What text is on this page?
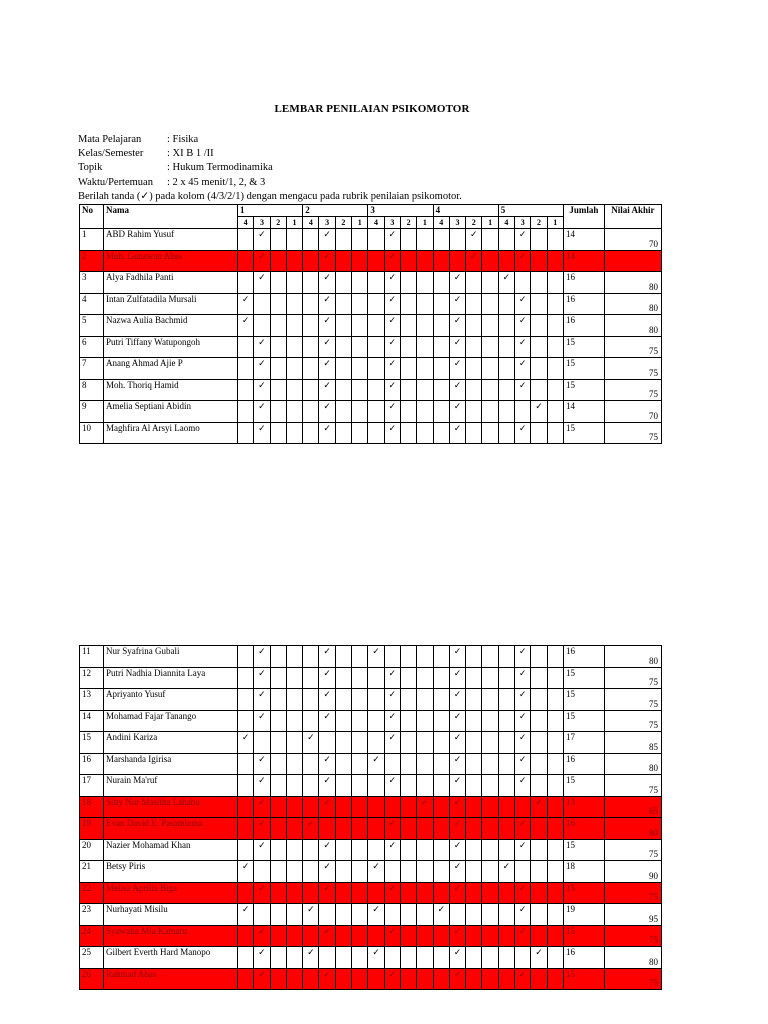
LEMBAR PENILAIAN PSIKOMOTOR
Mata Pelajaran : Fisika
Kelas/Semester : XI B 1 /II
Topik	: Hukum Termodinamika
Waktu/Pertemuan : 2 x 45 menit/1, 2, & 3
Berilah tanda (✓) pada kolom (4/3/2/1) dengan mengacu pada rubrik penilaian psikomotor.
No	Nama	1				2				3				4				5				Jumlah	Nilai Akhir
		4	3	2	1	4	3	2	1	4	3	2	1	4	3	2	1	4	3	2	1		
1	ABD Rahim Yusuf		✓				✓				✓					✓			✓			14	70
2	Moh. Gunawan Abas		✓				✓				✓					✓			✓			14	
3	Alya Fadhila Panti		✓				✓				✓				✓			✓				16	80
4	Intan Zulfatadila Mursali	✓					✓				✓				✓				✓			16	80
5	Nazwa Aulia Bachmid	✓					✓				✓				✓				✓			16	80
6	Putri Tiffany Watupongoh		✓				✓				✓				✓				✓			15	75
7	Anang Ahmad Ajie P		✓				✓				✓				✓				✓			15	75
8	Moh. Thoriq Hamid		✓				✓				✓				✓				✓			15	75
9	Amelia Septiani Abidin		✓				✓				✓				✓					✓		14	70
10	Maghfira Al Arsyi Laomo		✓				✓				✓				✓				✓			15	75
11	Nur Syafrina Gubali		✓				✓			✓					✓				✓			16	80
12	Putri Nadhia Diannita Laya		✓				✓				✓				✓				✓			15	75
13	Apriyanto Yusuf		✓				✓				✓				✓				✓			15	75
14	Mohamad Fajar Tanango		✓				✓				✓				✓				✓			15	75
15	Andini Kariza	✓				✓					✓				✓				✓			17	85
16	Marshanda Igirisa		✓				✓			✓					✓				✓			16	80
17	Nurain Ma'ruf		✓				✓				✓				✓				✓			15	75
18	Sitty Nur Masitha Lahabu		✓				✓						✓		✓					✓		13	65
19	Evan David E. Pasambuna		✓			✓					✓				✓				✓			16	80
20	Nazier Mohamad Khan		✓				✓				✓				✓				✓			15	75
21	Betsy Piris	✓					✓			✓					✓			✓				18	90
22	Melisa Aprilia Biga		✓				✓				✓				✓				✓			15	75
23	Nurhayati Misilu	✓				✓				✓				✓					✓			19	95
24	Syawalia Mia Kamaru		✓				✓				✓				✓				✓			15	75
25	Gilbert Everth Hard Manopo		✓			✓				✓					✓					✓		16	80
26	Rahmad Abas		✓				✓				✓				✓				✓			15	75
